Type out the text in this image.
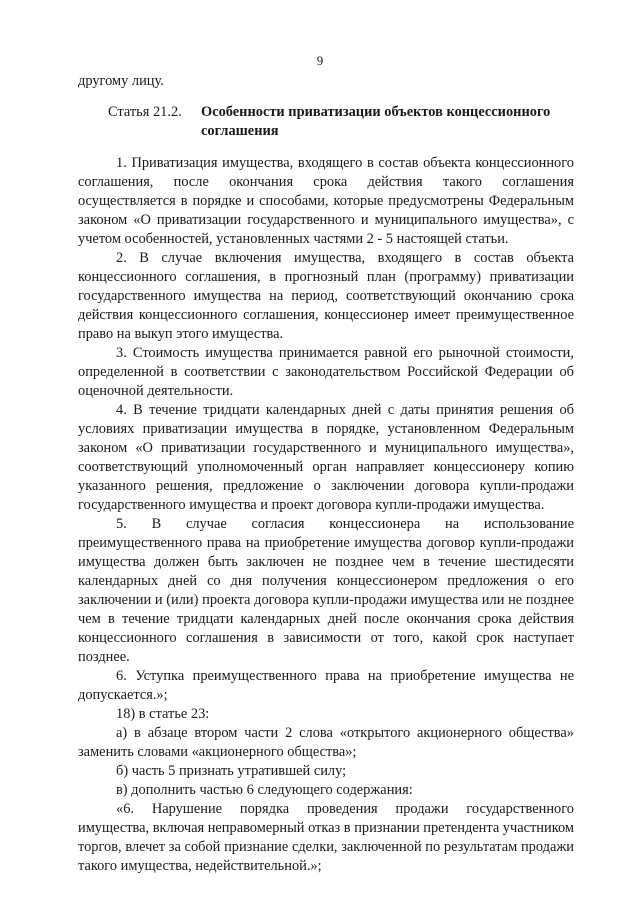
9

другому лицу.

Статья 21.2.	Особенности приватизации объектов концессионного соглашения

1. Приватизация имущества, входящего в состав объекта концессионного соглашения, после окончания срока действия такого соглашения осуществляется в порядке и способами, которые предусмотрены Федеральным законом «О приватизации государственного и муниципального имущества», с учетом особенностей, установленных частями 2 - 5 настоящей статьи.

2. В случае включения имущества, входящего в состав объекта концессионного соглашения, в прогнозный план (программу) приватизации государственного имущества на период, соответствующий окончанию срока действия концессионного соглашения, концессионер имеет преимущественное право на выкуп этого имущества.

3. Стоимость имущества принимается равной его рыночной стоимости, определенной в соответствии с законодательством Российской Федерации об оценочной деятельности.

4. В течение тридцати календарных дней с даты принятия решения об условиях приватизации имущества в порядке, установленном Федеральным законом «О приватизации государственного и муниципального имущества», соответствующий уполномоченный орган направляет концессионеру копию указанного решения, предложение о заключении договора купли-продажи государственного имущества и проект договора купли-продажи имущества.

5. В случае согласия концессионера на использование преимущественного права на приобретение имущества договор купли-продажи имущества должен быть заключен не позднее чем в течение шестидесяти календарных дней со дня получения концессионером предложения о его заключении и (или) проекта договора купли-продажи имущества или не позднее чем в течение тридцати календарных дней после окончания срока действия концессионного соглашения в зависимости от того, какой срок наступает позднее.

6. Уступка преимущественного права на приобретение имущества не допускается.»;

18) в статье 23:

а) в абзаце втором части 2 слова «открытого акционерного общества» заменить словами «акционерного общества»;

б) часть 5 признать утратившей силу;

в) дополнить частью 6 следующего содержания:

«6. Нарушение порядка проведения продажи государственного имущества, включая неправомерный отказ в признании претендента участником торгов, влечет за собой признание сделки, заключенной по результатам продажи такого имущества, недействительной.»;
